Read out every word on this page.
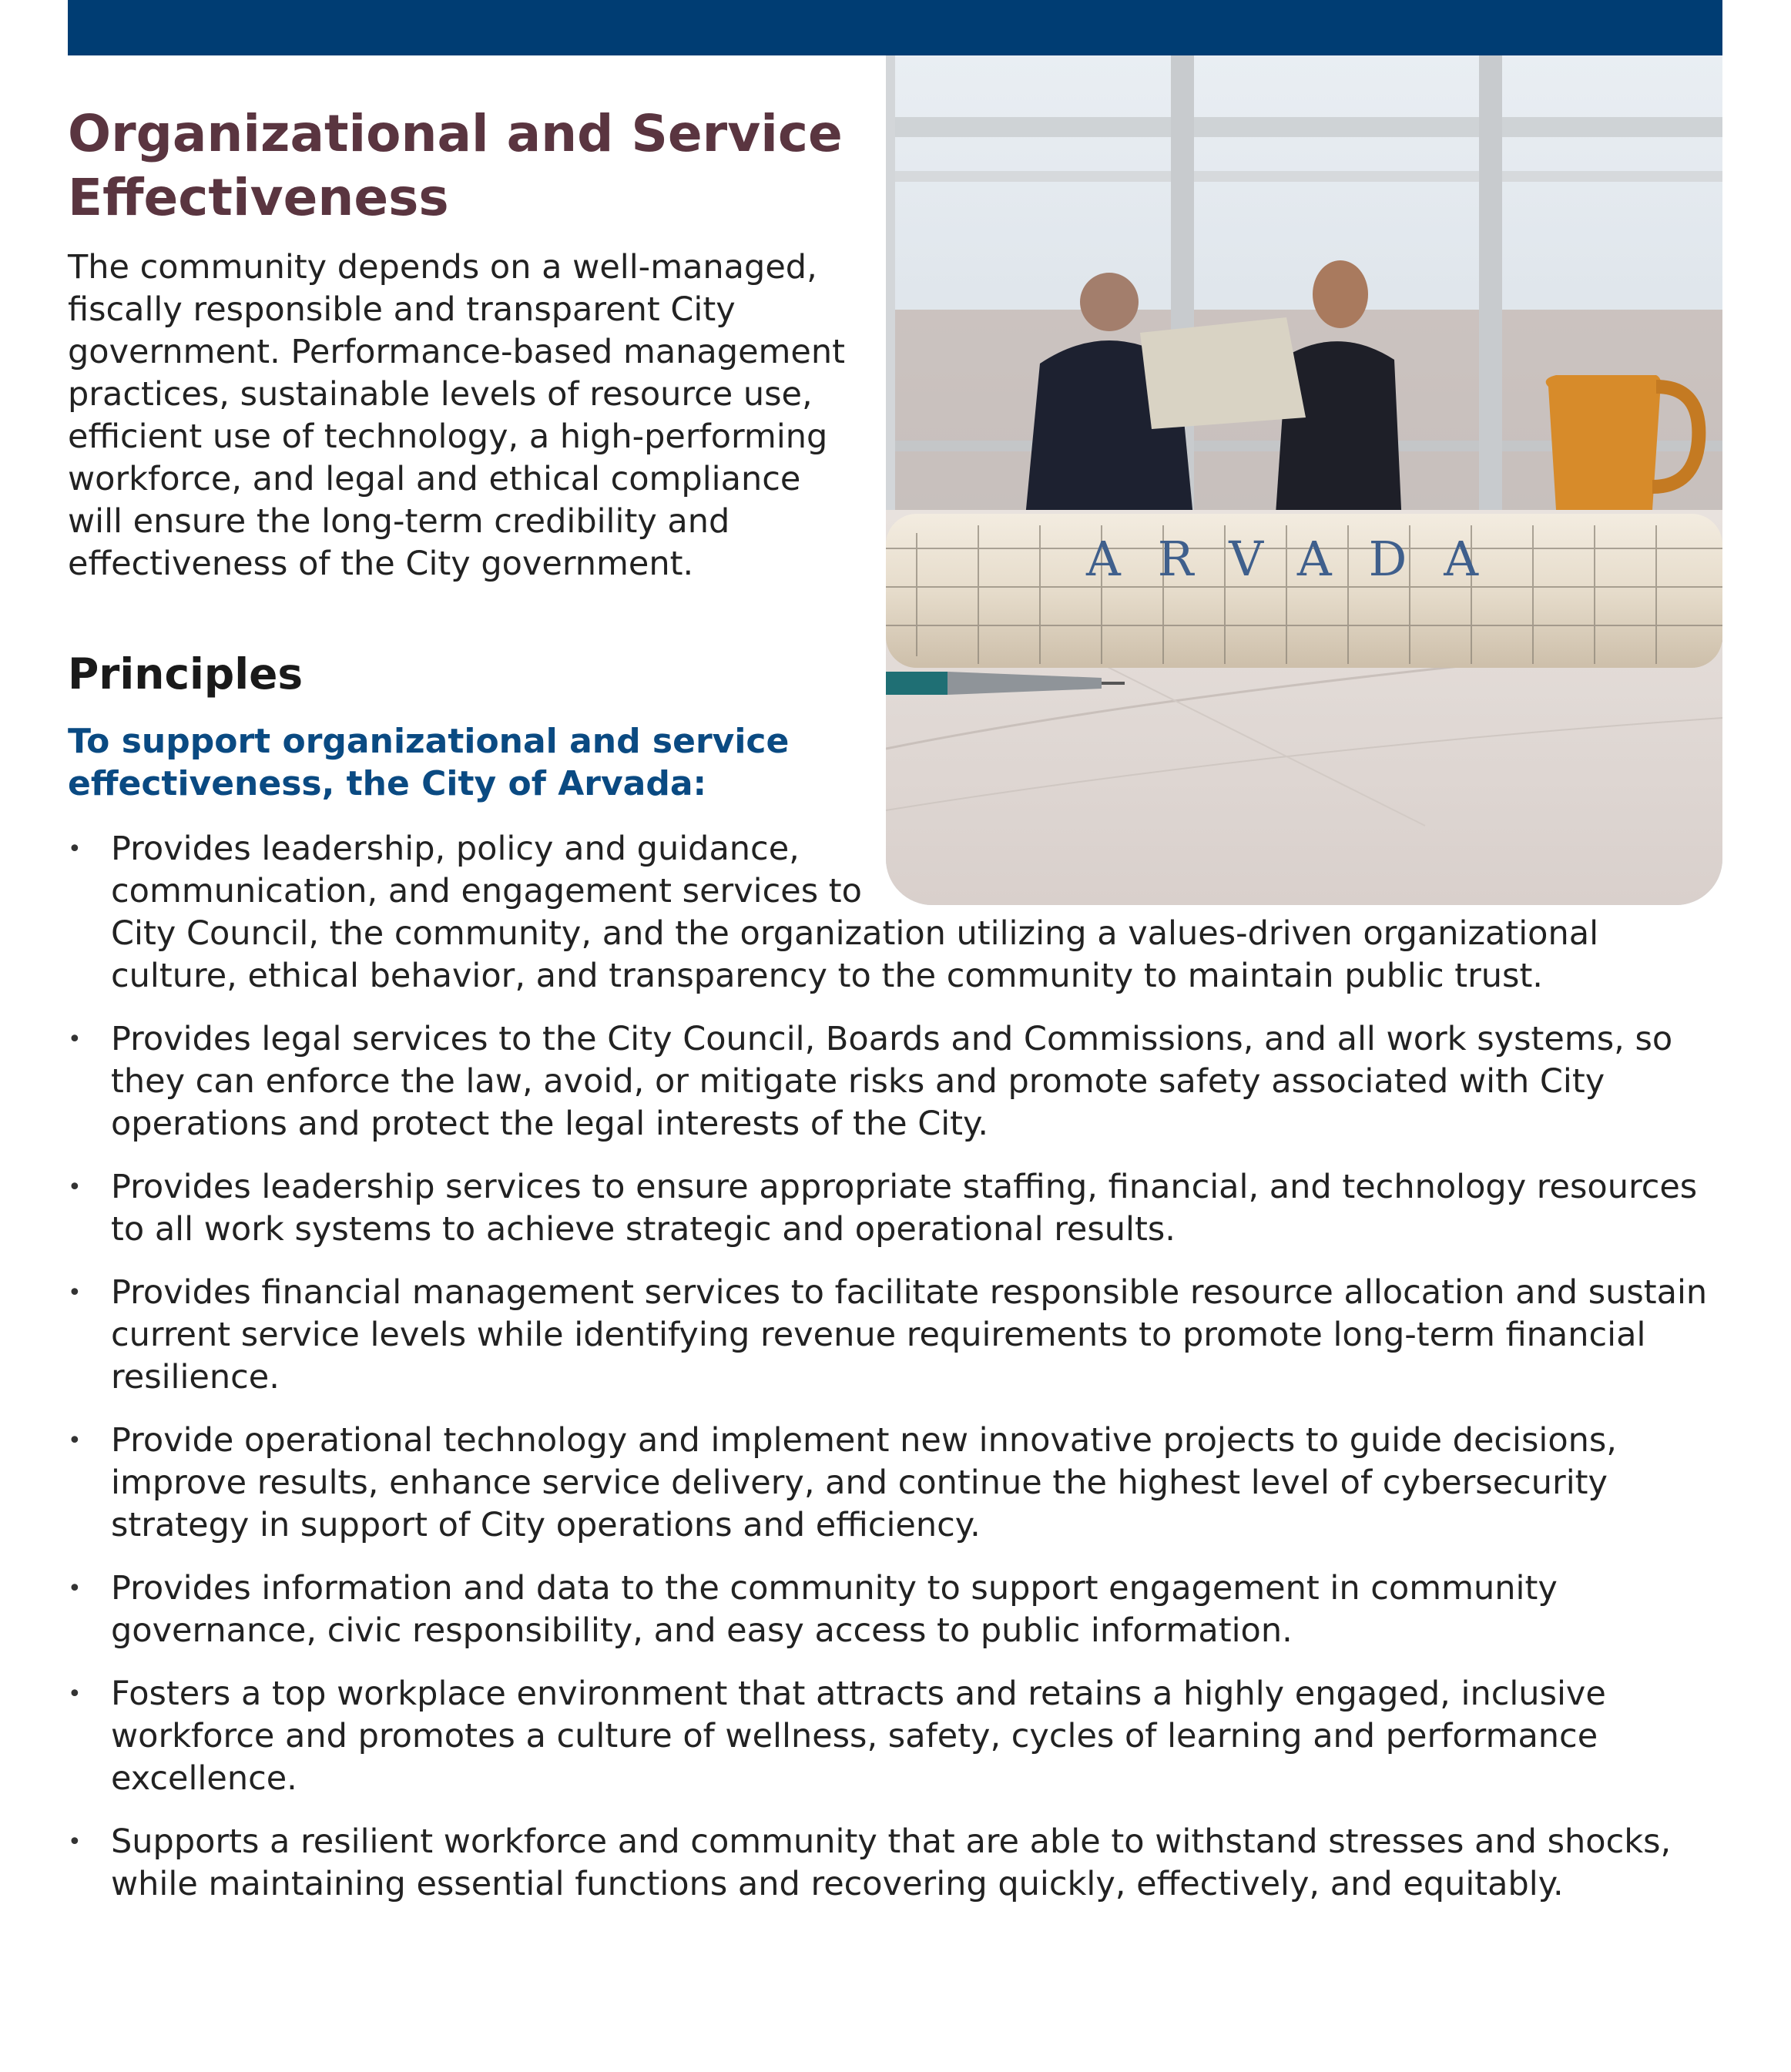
Organizational and Service Effectiveness

The community depends on a well-managed, fiscally responsible and transparent City government. Performance-based management practices, sustainable levels of resource use, efficient use of technology, a high-performing workforce, and legal and ethical compliance will ensure the long-term credibility and effectiveness of the City government.	ARVADA
Principles
To support organizational and service effectiveness, the City of Arvada:
• Provides leadership, policy and guidance, communication, and engagement services to City Council, the community, and the organization utilizing a values-driven organizational culture, ethical behavior, and transparency to the community to maintain public trust.
• Provides legal services to the City Council, Boards and Commissions, and all work systems, so they can enforce the law, avoid, or mitigate risks and promote safety associated with City operations and protect the legal interests of the City.
• Provides leadership services to ensure appropriate staffing, financial, and technology resources to all work systems to achieve strategic and operational results.
• Provides financial management services to facilitate responsible resource allocation and sustain current service levels while identifying revenue requirements to promote long-term financial resilience.
• Provide operational technology and implement new innovative projects to guide decisions, improve results, enhance service delivery, and continue the highest level of cybersecurity strategy in support of City operations and efficiency.
• Provides information and data to the community to support engagement in community governance, civic responsibility, and easy access to public information.
• Fosters a top workplace environment that attracts and retains a highly engaged, inclusive workforce and promotes a culture of wellness, safety, cycles of learning and performance excellence.
• Supports a resilient workforce and community that are able to withstand stresses and shocks, while maintaining essential functions and recovering quickly, effectively, and equitably.
